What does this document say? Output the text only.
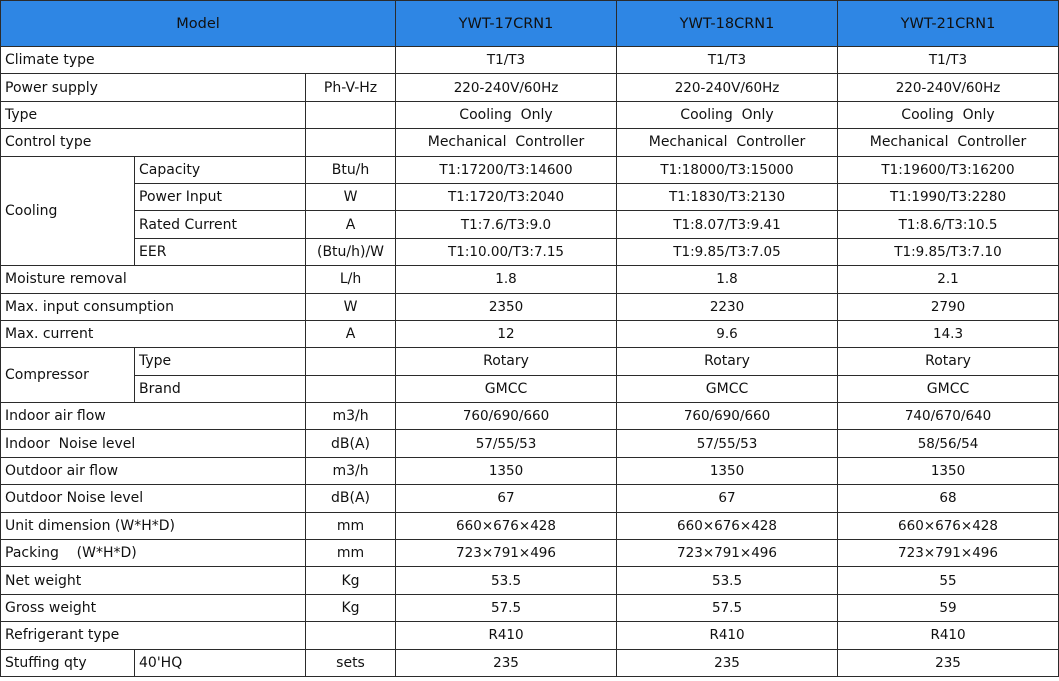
Model			YWT-17CRN1	YWT-18CRN1	YWT-21CRN1
Climate type			T1/T3	T1/T3	T1/T3
Power supply		Ph-V-Hz	220-240V/60Hz	220-240V/60Hz	220-240V/60Hz
Type			Cooling  Only	Cooling  Only	Cooling  Only
Control type			Mechanical  Controller	Mechanical  Controller	Mechanical  Controller
Cooling	Capacity	Btu/h	T1:17200/T3:14600	T1:18000/T3:15000	T1:19600/T3:16200
	Power Input	W	T1:1720/T3:2040	T1:1830/T3:2130	T1:1990/T3:2280
	Rated Current	A	T1:7.6/T3:9.0	T1:8.07/T3:9.41	T1:8.6/T3:10.5
	EER	(Btu/h)/W	T1:10.00/T3:7.15	T1:9.85/T3:7.05	T1:9.85/T3:7.10
Moisture removal		L/h	1.8	1.8	2.1
Max. input consumption		W	2350	2230	2790
Max. current		A	12	9.6	14.3
Compressor	Type		Rotary	Rotary	Rotary
	Brand		GMCC	GMCC	GMCC
Indoor air flow		m3/h	760/690/660	760/690/660	740/670/640
Indoor  Noise level		dB(A)	57/55/53	57/55/53	58/56/54
Outdoor air flow		m3/h	1350	1350	1350
Outdoor Noise level		dB(A)	67	67	68
Unit dimension (W*H*D)		mm	660×676×428	660×676×428	660×676×428
Packing    (W*H*D)		mm	723×791×496	723×791×496	723×791×496
Net weight		Kg	53.5	53.5	55
Gross weight		Kg	57.5	57.5	59
Refrigerant type			R410	R410	R410
Stuffing qty	40'HQ	sets	235	235	235
